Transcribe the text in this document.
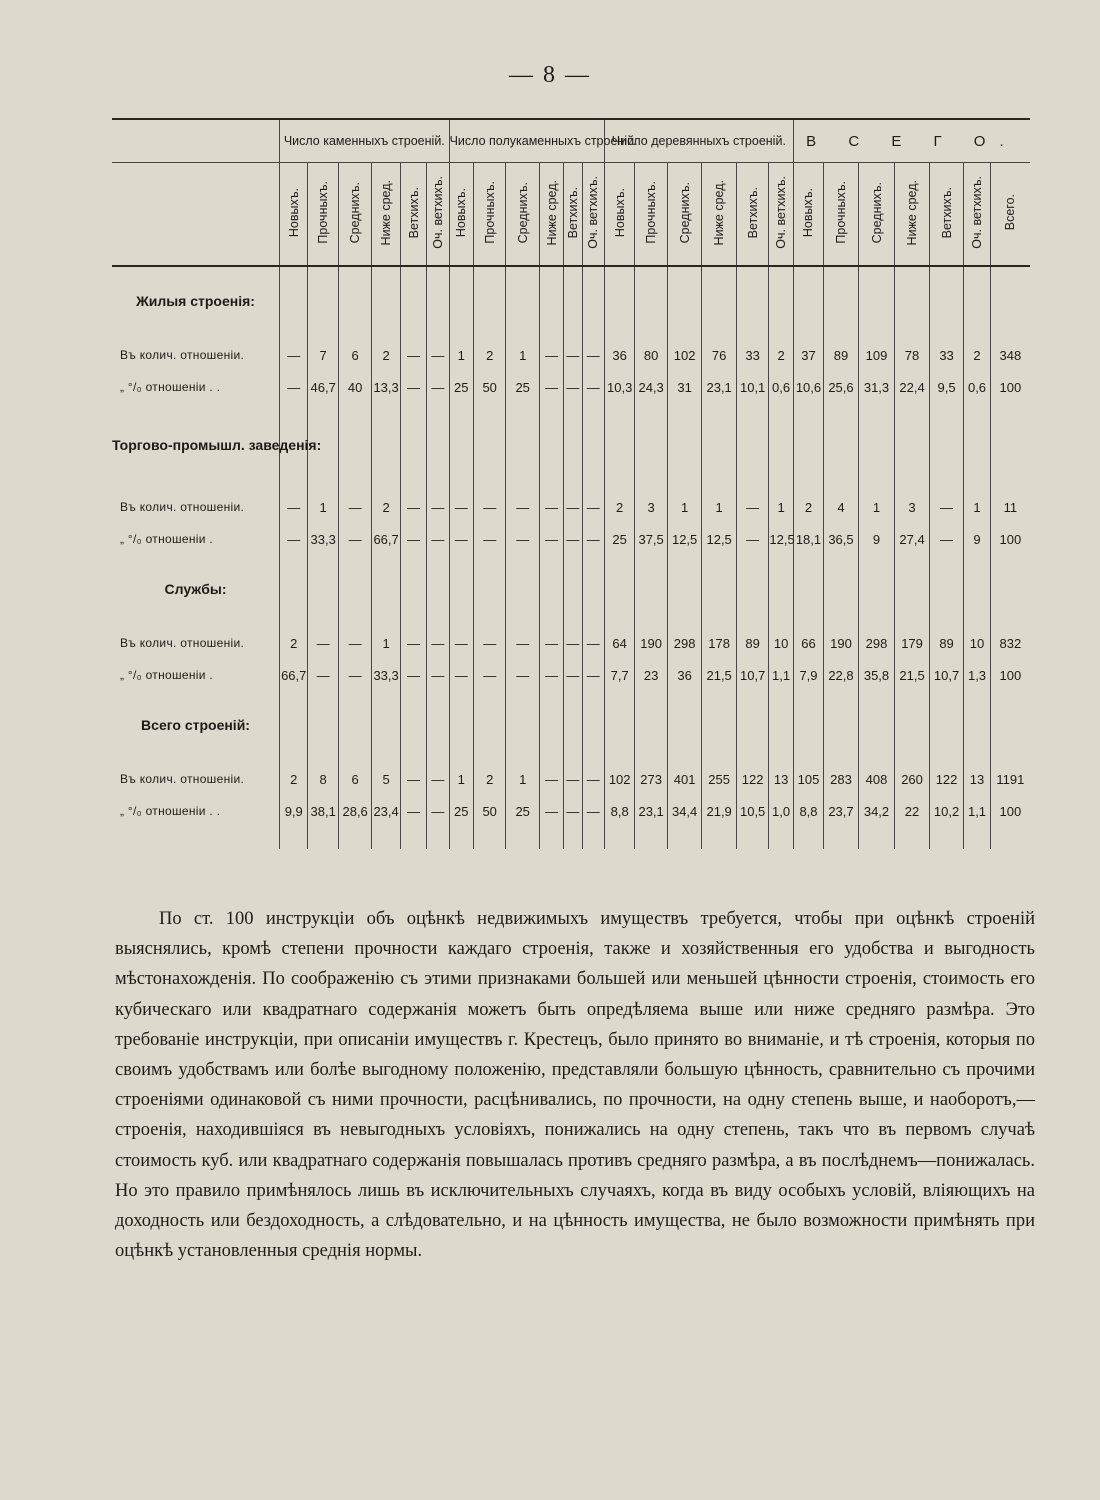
— 8 —
	Число каменныхъ строеній.						Число полукаменныхъ строеній.						Число деревянныхъ строеній.						В С Е Г О.						
	Новыхъ.	Прочныхъ.	Среднихъ.	Ниже сред.	Ветхихъ.	Оч. ветхихъ.	Новыхъ.	Прочныхъ.	Среднихъ.	Ниже сред.	Ветхихъ.	Оч. ветхихъ.	Новыхъ.	Прочныхъ.	Среднихъ.	Ниже сред.	Ветхихъ.	Оч. ветхихъ.	Новыхъ.	Прочныхъ.	Среднихъ.	Ниже сред.	Ветхихъ.	Оч. ветхихъ.	Всего.
Жилыя строенія:																									

Въ колич. отношеніи.	—	7	6	2	—	—	1	2	1	—	—	—	36	80	102	76	33	2	37	89	109	78	33	2	348
„ °/₀ отношеніи . .	—	46,7	40	13,3	—	—	25	50	25	—	—	—	10,3	24,3	31	23,1	10,1	0,6	10,6	25,6	31,3	22,4	9,5	0,6	100
Торгово-промышл. заведенія:																									

Въ колич. отношеніи.	—	1	—	2	—	—	—	—	—	—	—	—	2	3	1	1	—	1	2	4	1	3	—	1	11
„ °/₀ отношеніи .	—	33,3	—	66,7	—	—	—	—	—	—	—	—	25	37,5	12,5	12,5	—	12,5	18,1	36,5	9	27,4	—	9	100
Службы:																									

Въ колич. отношеніи.	2	—	—	1	—	—	—	—	—	—	—	—	64	190	298	178	89	10	66	190	298	179	89	10	832
„ °/₀ отношеніи .	66,7	—	—	33,3	—	—	—	—	—	—	—	—	7,7	23	36	21,5	10,7	1,1	7,9	22,8	35,8	21,5	10,7	1,3	100
Всего строеній:																									

Въ колич. отношеніи.	2	8	6	5	—	—	1	2	1	—	—	—	102	273	401	255	122	13	105	283	408	260	122	13	1191
„ °/₀ отношеніи . .	9,9	38,1	28,6	23,4	—	—	25	50	25	—	—	—	8,8	23,1	34,4	21,9	10,5	1,0	8,8	23,7	34,2	22	10,2	1,1	100

По ст. 100 инструкціи объ оцѣнкѣ недвижимыхъ имуществъ требуется, чтобы при оцѣнкѣ строеній выяснялись, кромѣ степени прочности каждаго строенія, также и хозяйственныя его удобства и выгодность мѣстонахожденія. По соображенію съ этими признаками большей или меньшей цѣнности строенія, стоимость его кубическаго или квадратнаго содержанія можетъ быть опредѣляема выше или ниже средняго размѣра. Это требованіе инструкціи, при описаніи имуществъ г. Крестецъ, было принято во вниманіе, и тѣ строенія, которыя по своимъ удобствамъ или болѣе выгодному положенію, представляли большую цѣнность, сравнительно съ прочими строеніями одинаковой съ ними прочности, расцѣнивались, по прочности, на одну степень выше, и наоборотъ,—строенія, находившіяся въ невыгодныхъ условіяхъ, понижались на одну степень, такъ что въ первомъ случаѣ стоимость куб. или квадратнаго содержанія повышалась противъ средняго размѣра, а въ послѣднемъ—понижалась. Но это правило примѣнялось лишь въ исключительныхъ случаяхъ, когда въ виду особыхъ условій, вліяющихъ на доходность или бездоходность, а слѣдовательно, и на цѣнность имущества, не было возможности примѣнять при оцѣнкѣ установленныя среднія нормы.
